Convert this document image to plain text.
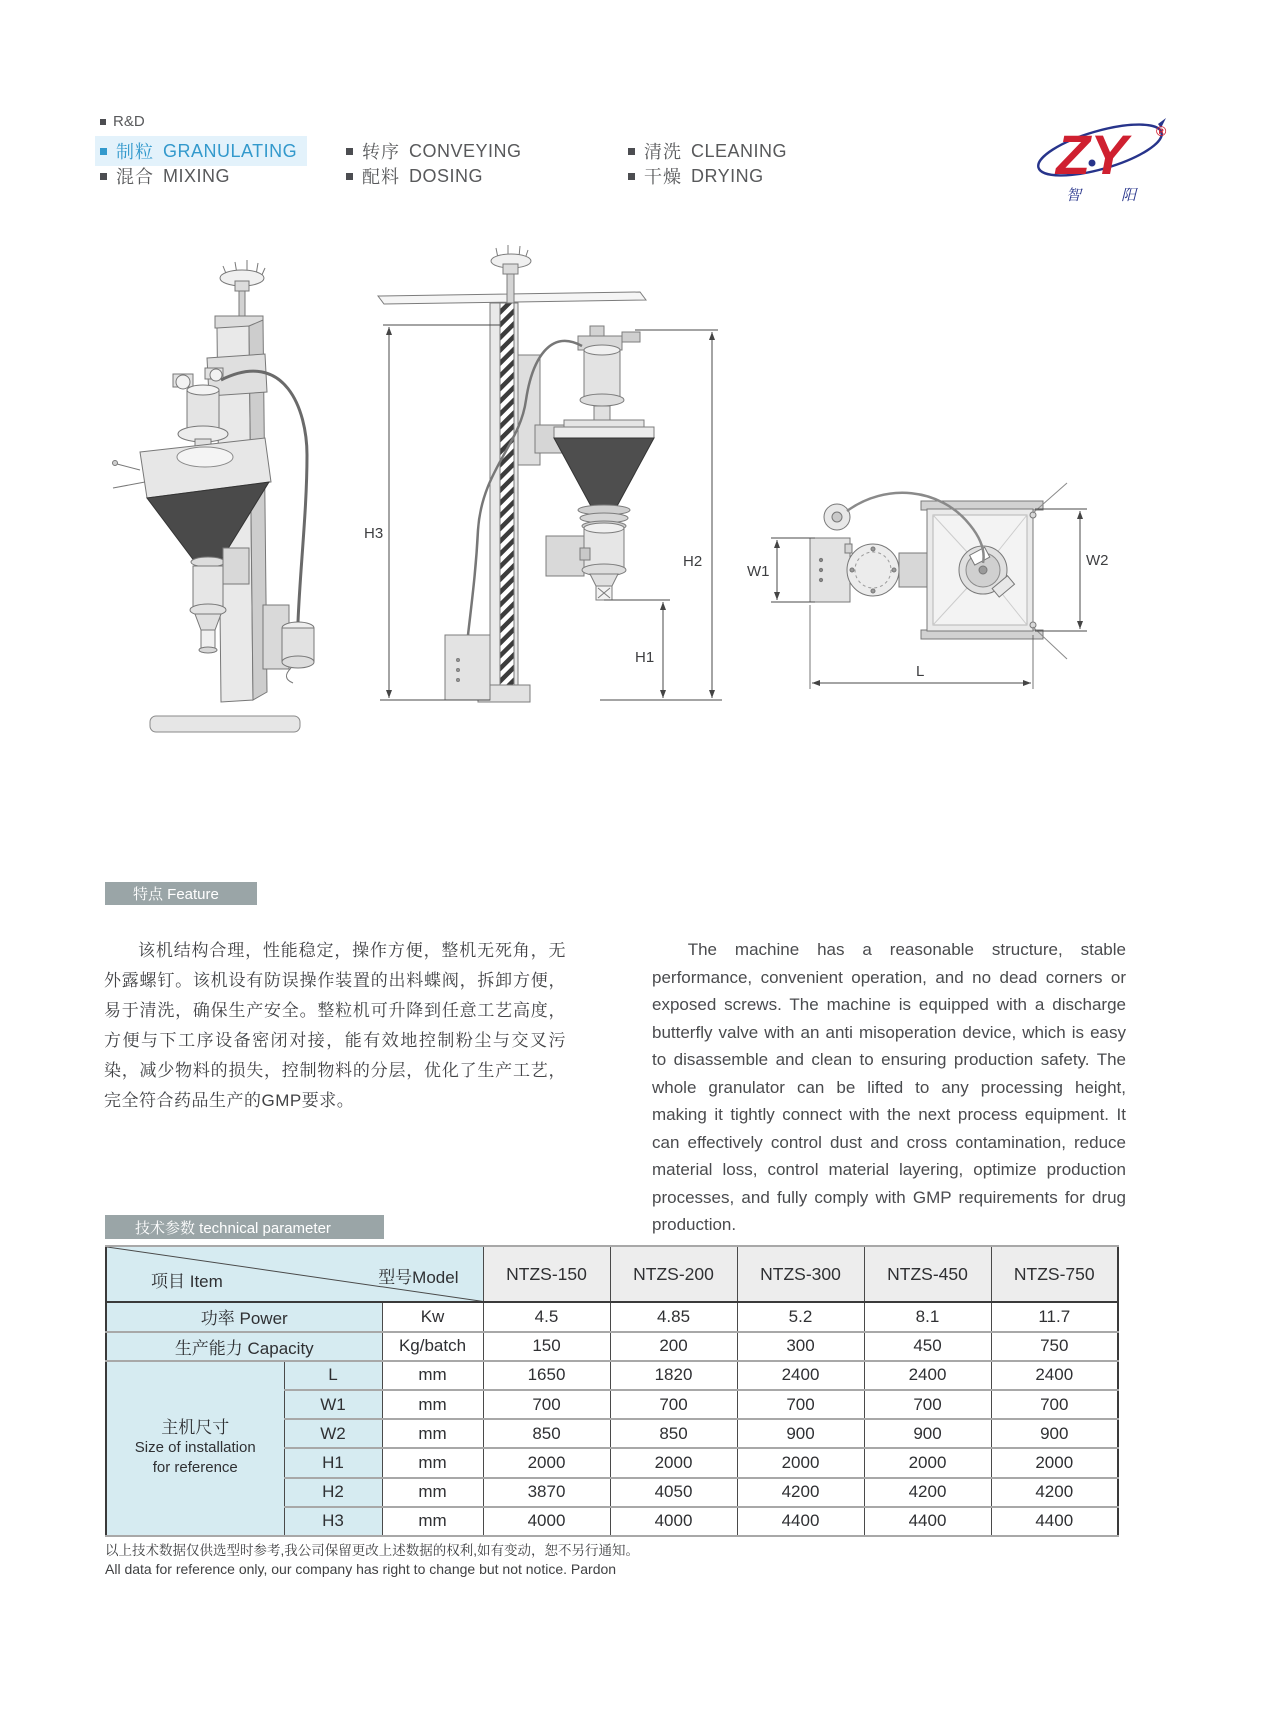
R&D
制粒 GRANULATING
混合 MIXING
转序 CONVEYING
配料 DOSING
清洗 CLEANING
干燥 DRYING	ZY	®
智 阳
H3
H2
H1
W1
W2
L
特点 Feature

该机结构合理，性能稳定，操作方便，整机无死角，无外露螺钉。该机设有防误操作装置的出料蝶阀，拆卸方便，易于清洗，确保生产安全。整粒机可升降到任意工艺高度，方便与下工序设备密闭对接，能有效地控制粉尘与交叉污染，减少物料的损失，控制物料的分层，优化了生产工艺，完全符合药品生产的GMP要求。

The machine has a reasonable structure, stable performance, convenient operation, and no dead corners or exposed screws. The machine is equipped with a discharge butterfly valve with an anti misoperation device, which is easy to disassemble and clean to ensuring production safety. The whole granulator can be lifted to any processing height, making it tightly connect with the next process equipment. It can effectively control dust and cross contamination, reduce material loss, control material layering, optimize production processes, and fully comply with GMP requirements for drug production.

技术参数 technical parameter
项目 Item 型号Model			NTZS-150	NTZS-200	NTZS-300	NTZS-450	NTZS-750
功率 Power		Kw	4.5	4.85	5.2	8.1	11.7
生产能力 Capacity		Kg/batch	150	200	300	450	750

主机尺寸
Size of installation
for reference	L	mm	1650	1820	2400	2400	2400
	W1	mm	700	700	700	700	700
	W2	mm	850	850	900	900	900
	H1	mm	2000	2000	2000	2000	2000
	H2	mm	3870	4050	4200	4200	4200
	H3	mm	4000	4000	4400	4400	4400
以上技术数据仅供选型时参考,我公司保留更改上述数据的权利,如有变动，恕不另行通知。
All data for reference only, our company has right to change but not notice. Pardon
